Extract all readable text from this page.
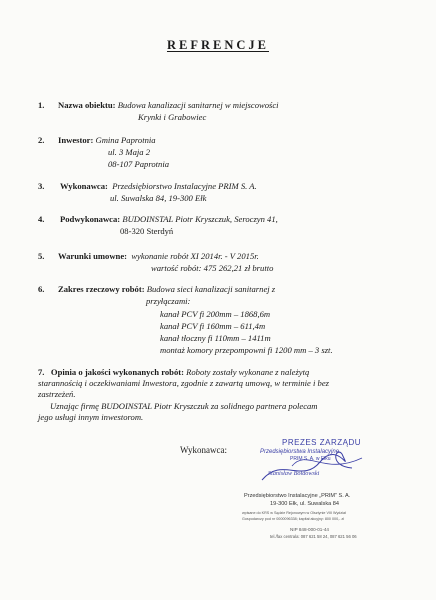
REFRENCJE
1. Nazwa obiektu: Budowa kanalizacji sanitarnej w miejscowości
Krynki i Grabowiec
2. Inwestor: Gmina Paprotnia
ul. 3 Maja 2
08-107 Paprotnia
3. Wykonawca: Przedsiębiorstwo Instalacyjne PRIM S. A.
ul. Suwalska 84, 19-300 Ełk
4. Podwykonawca: BUDOINSTAL Piotr Kryszczuk, Seroczyn 41,
08-320 Sterdyń
5. Warunki umowne: wykonanie robót XI 2014r. - V 2015r.
wartość robót: 475 262,21 zł brutto
6. Zakres rzeczowy robót: Budowa sieci kanalizacji sanitarnej z
przyłączami:
kanał PCV fi 200mm – 1868,6m
kanał PCV fi 160mm – 611,4m
kanał tłoczny fi 110mm – 1411m
montaż komory przepompowni fi 1200 mm – 3 szt.
7. Opinia o jakości wykonanych robót: Roboty zostały wykonane z należytą
starannością i oczekiwaniami Inwestora, zgodnie z zawartą umową, w terminie i bez
zastrzeżeń.
Uznając firmę BUDOINSTAL Piotr Kryszczuk za solidnego partnera polecam
jego usługi innym inwestorom.
Wykonawca:
PREZES ZARZĄDU
Przedsiębiorstwa Instalacyjne
PRIM S. A. w Ełku
Stanisław Bołdowski
Przedsiębiorstwo Instalacyjne „PRIM” S. A.
19-300 Ełk, ul. Suwalska 84
wpisane do KRS w Sądzie Rejonowym w Olsztynie VIII Wydział
Gospodarczy pod nr 0000096338; kapitał akcyjny: 800 000,- zł
NIP 848-000-01-44
tel./fax centrala: 087 621 58 24, 087 621 56 06
